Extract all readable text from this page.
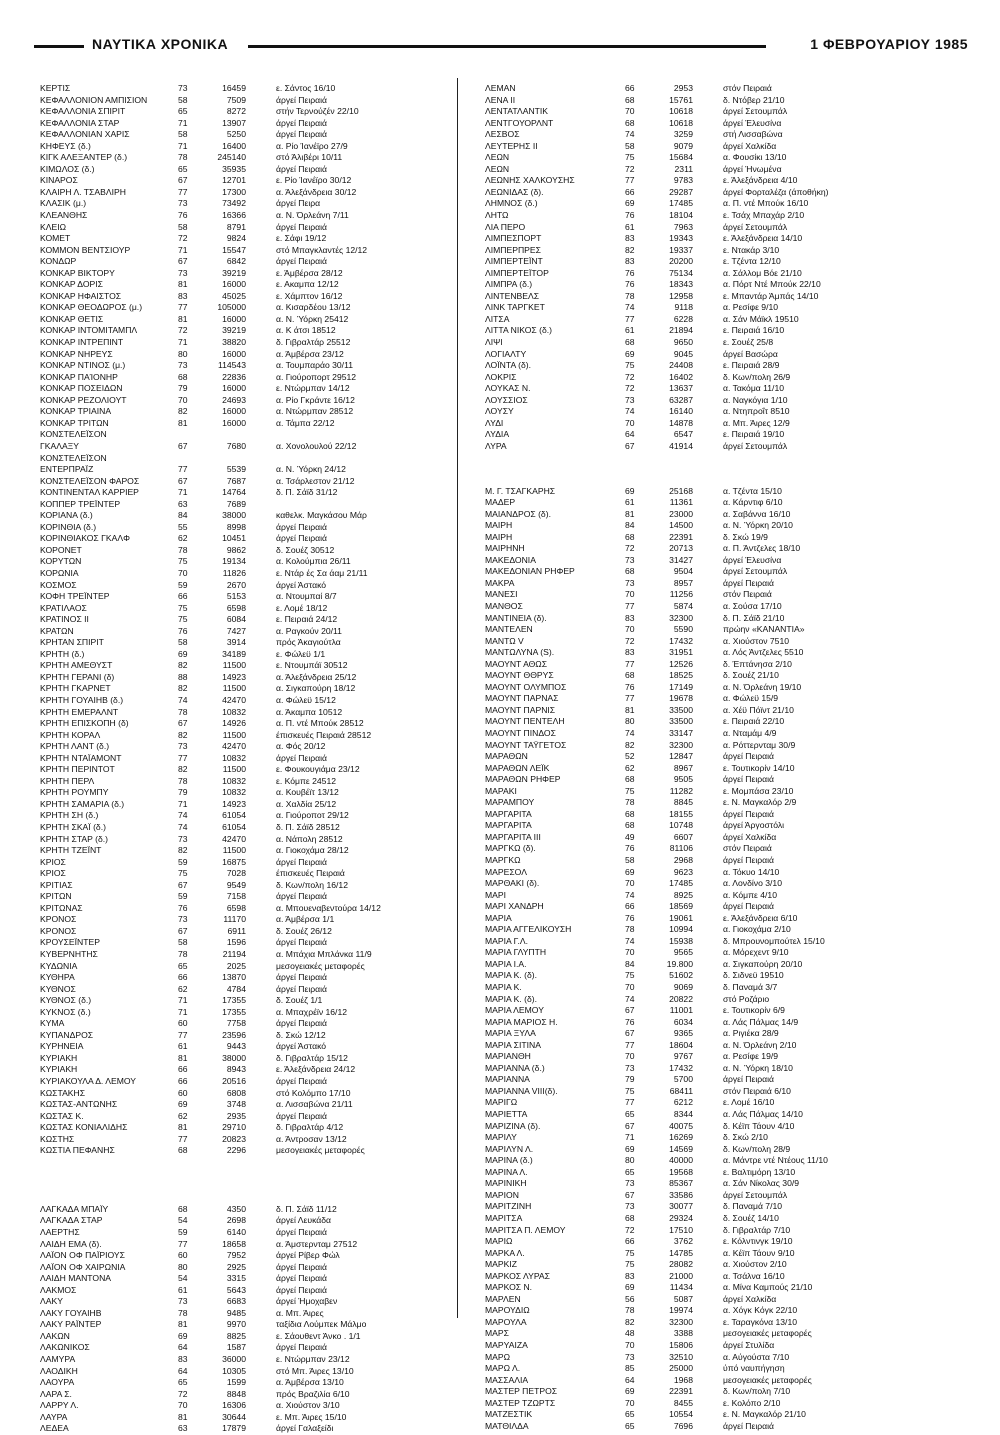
ΝΑΥΤΙΚΑ ΧΡΟΝΙΚΑ	1 ΦΕΒΡΟΥΑΡΙΟΥ 1985
ΚΕΡΤΙΣ	73	16459	ε. Σάντος 16/10
ΚΕΦΑΛΛΟΝΙΟΝ ΑΜΠΙΣΙΟΝ	58	7509	άργεί Πειραιά
ΚΕΦΑΛΛΟΝΙΑ ΣΠΙΡΙΤ	65	8272	στήν Τερνούζέν 22/10
ΚΕΦΑΛΛΟΝΙΑ ΣΤΑΡ	71	13907	άργεί Πειραιά
ΚΕΦΑΛΛΟΝΙΑΝ ΧΑΡΙΣ	58	5250	άργεί Πειραιά
ΚΗΦΕΥΣ (δ.)	71	16400	α. Ρίο Ίανέϊρο 27/9
ΚΙΓΚ ΑΛΕΞΑΝΤΕΡ (δ.)	78	245140	στό Άλιβέρι 10/11
ΚΙΜΩΛΟΣ (δ.)	65	35935	άργεί Πειραιά
ΚΙΝΑΡΟΣ	67	12701	ε. Ρίο Ίανέϊρο 30/12
ΚΛΑΙΡΗ Λ. ΤΣΑΒΛΙΡΗ	77	17300	α. Άλεξάνδρεια 30/12
ΚΛΑΣΙΚ (μ.)	73	73492	άργεί Πειρα
ΚΛΕΑΝΘΗΣ	76	16366	α. Ν. Όρλεάνη 7/11
ΚΛΕΙΩ	58	8791	άργεί Πειραιά
ΚΟΜΕΤ	72	9824	ε. Σάφι 19/12
ΚΟΜΜΟΝ ΒΕΝΤΣΙΟΥΡ	71	15547	στό Μπαγκλαντές 12/12
ΚΟΝΔΩΡ	67	6842	άργεί Πειραιά
ΚΟΝΚΑΡ ΒΙΚΤΟΡΥ	73	39219	ε. Άμβέρσα 28/12
ΚΟΝΚΑΡ ΔΟΡΙΣ	81	16000	ε. Ακαμπα 12/12
ΚΟΝΚΑΡ ΗΦΑΙΣΤΟΣ	83	45025	ε. Χάμπτον 16/12
ΚΟΝΚΑΡ ΘΕΟΔΩΡΟΣ (μ.)	77	105000	α. Κισαρδέου 13/12
ΚΟΝΚΑΡ ΘΕΤΙΣ	81	16000	α. Ν. Ύόρκη 25412
ΚΟΝΚΑΡ ΙΝΤΟΜΙΤΑΜΠΛ	72	39219	α. Κ άτσι 18512
ΚΟΝΚΑΡ ΙΝΤΡΕΠΙΝΤ	71	38820	δ. Γιβραλτάρ 25512
ΚΟΝΚΑΡ ΝΗΡΕΥΣ	80	16000	α. Άμβέρσα 23/12
ΚΟΝΚΑΡ ΝΤΙΝΟΣ (μ.)	73	114543	α. Τουμπαράο 30/11
ΚΟΝΚΑΡ ΠΑΊΟΝΗΡ	68	22836	α. Γιούροπορτ 29512
ΚΟΝΚΑΡ ΠΟΣΕΙΔΩΝ	79	16000	ε. Ντώρμπαν 14/12
ΚΟΝΚΑΡ ΡΕΖΟΛΙΟΥΤ	70	24693	α. Ρίο Γκράντε 16/12
ΚΟΝΚΑΡ ΤΡΙΑΙΝΑ	82	16000	α. Ντώρμπαν 28512
ΚΟΝΚΑΡ ΤΡΙΤΩΝ	81	16000	α. Τάμπα 22/12
ΚΟΝΣΤΕΛΕΪΣΟΝ
ΓΚΑΛΑΞΥ	67	7680	α. Χονολουλού 22/12
ΚΟΝΣΤΕΛΕΪΣΟΝ
ΕΝΤΕΡΠΡΑΪΖ	77	5539	α. Ν. Ύόρκη 24/12
ΚΟΝΣΤΕΛΕΪΣΟΝ ΦΑΡΟΣ	67	7687	α. Τσάρλεστον 21/12
ΚΟΝΤΙΝΕΝΤΑΛ ΚΑΡΡΙΕΡ	71	14764	δ. Π. Σάϊδ 31/12
ΚΟΠΠΕΡ ΤΡΕΪΝΤΕΡ	63	7689
ΚΟΡΙΑΝΑ (δ.)	84	38000	καθελκ. Μαγκάσου Μάρ
ΚΟΡΙΝΘΙΑ (δ.)	55	8998	άργεί Πειραιά
ΚΟΡΙΝΘΙΑΚΟΣ ΓΚΑΛΦ	62	10451	άργεί Πειραιά
ΚΟΡΟΝΕΤ	78	9862	δ. Σουέζ 30512
ΚΟΡΥΤΩΝ	75	19134	α. Κολούμπια 26/11
ΚΟΡΩΝΙΑ	70	11826	ε. Ντάρ ές Σα άαμ 21/11
ΚΟΣΜΟΣ	59	2670	άργεί Άστακό
ΚΟΦΗ ΤΡΕΪΝΤΕΡ	66	5153	α. Ντουμπαί 8/7
ΚΡΑΤΙΛΑΟΣ	75	6598	ε. Λομέ 18/12
ΚΡΑΤΙΝΟΣ ΙΙ	75	6084	ε. Πειραιά 24/12
ΚΡΑΤΩΝ	76	7427	α. Ραγκούν 20/11
ΚΡΗΤΑΝ ΣΠΙΡΙΤ	58	3914	πρός Άκαγιούτλα
ΚΡΗΤΗ (δ.)	69	34189	ε. Φώλεϋ 1/1
ΚΡΗΤΗ ΑΜΕΘΥΣΤ	82	11500	ε. Ντουμπάϊ 30512
ΚΡΗΤΗ ΓΕΡΑΝΙ (δ)	88	14923	α. Άλεξάνδρεια 25/12
ΚΡΗΤΗ ΓΚΑΡΝΕΤ	82	11500	α. Σιγκαπούρη 18/12
ΚΡΗΤΗ ΓΟΥΑΙΗΒ (δ.)	74	42470	α. Φώλεϋ 15/12
ΚΡΗΤΗ ΕΜΕΡΑΛΝΤ	78	10832	α. Άκαμπα 10512
ΚΡΗΤΗ ΕΠΙΣΚΟΠΗ (δ)	67	14926	α. Π. ντέ Μπούκ 28512
ΚΡΗΤΗ ΚΟΡΑΛ	82	11500	έπισκευές Πειραιά 28512
ΚΡΗΤΗ ΛΑΝΤ (δ.)	73	42470	α. Φός 20/12
ΚΡΗΤΗ ΝΤΑΪΑΜΟΝΤ	77	10832	άργεί Πειραιά
ΚΡΗΤΗ ΠΕΡΙΝΤΟΤ	82	11500	ε. Φουκουγιάμα 23/12
ΚΡΗΤΗ ΠΕΡΛ	78	10832	ε. Κόμπε 24512
ΚΡΗΤΗ ΡΟΥΜΠΥ	79	10832	α. Κουβέϊτ 13/12
ΚΡΗΤΗ ΣΑΜΑΡΙΑ (δ.)	71	14923	α. Χαλδία 25/12
ΚΡΗΤΗ ΣΗ (δ.)	74	61054	α. Γιούροποτ 29/12
ΚΡΗΤΗ ΣΚΑΪ (δ.)	74	61054	δ. Π. Σάϊδ 28512
ΚΡΗΤΗ ΣΤΑΡ (δ.)	73	42470	α. Νάπολη 28512
ΚΡΗΤΗ ΤΖΕΪΝΤ	82	11500	α. Γιοκοχάμα 28/12
ΚΡΙΟΣ	59	16875	άργεί Πειραιά
ΚΡΙΟΣ	75	7028	έπισκευές Πειραιά
ΚΡΙΤΙΑΣ	67	9549	δ. Κων/πολη 16/12
ΚΡΙΤΩΝ	59	7158	άργεί Πειραιά
ΚΡΙΤΩΝΑΣ	76	6598	α. Μπουεναβεντούρα 14/12
ΚΡΟΝΟΣ	73	11170	α. Άμβέρσα 1/1
ΚΡΟΝΟΣ	67	6911	δ. Σουέζ 26/12
ΚΡΟΥΣΕΪΝΤΕΡ	58	1596	άργεί Πειραιά
ΚΥΒΕΡΝΗΤΗΣ	78	21194	α. Μπάχια Μπλάνκα 11/9
ΚΥΔΩΝΙΑ	65	2025	μεσογειακές μεταφορές
ΚΥΘΗΡΑ	66	13870	άργεί Πειραιά
ΚΥΘΝΟΣ	62	4784	άργεί Πειραιά
ΚΥΘΝΟΣ (δ.)	71	17355	δ. Σουέζ 1/1
ΚΥΚΝΟΣ (δ.)	71	17355	α. Μπαχρέϊν 16/12
ΚΥΜΑ	60	7758	άργεί Πειραιά
ΚΥΠΑΝΔΡΟΣ	77	23596	δ. Σκώ 12/12
ΚΥΡΗΝΕΙΑ	61	9443	άργεί Άστακό
ΚΥΡΙΑΚΗ	81	38000	δ. Γιβραλτάρ 15/12
ΚΥΡΙΑΚΗ	66	8943	ε. Άλεξάνδρεια 24/12
ΚΥΡΙΑΚΟΥΛΑ Δ. ΛΕΜΟΥ	66	20516	άργεί Πειραιά
ΚΩΣΤΑΚΗΣ	60	6808	στό Κολόμπο 17/10
ΚΩΣΤΑΣ-ΑΝΤΩΝΗΣ	69	3748	α. Λισσαβώνα 21/11
ΚΩΣΤΑΣ Κ.	62	2935	άργεί Πειραιά
ΚΩΣΤΑΣ ΚΟΝΙΑΛΙΔΗΣ	81	29710	δ. Γιβραλτάρ 4/12
ΚΩΣΤΗΣ	77	20823	α. Άντροσαν 13/12
ΚΩΣΤΙΑ ΠΕΦΑΝΗΣ	68	2296	μεσογειακές μεταφορές
ΛΑΓΚΑΔΑ ΜΠΑΪΥ	68	4350	δ. Π. Σάϊδ 11/12
ΛΑΓΚΑΔΑ ΣΤΑΡ	54	2698	άργεί Λευκάδα
ΛΑΕΡΤΗΣ	59	6140	άργεί Πειραιά
ΛΑΙΔΗ ΕΜΑ (δ).	77	18658	α. Άμστερνταμ 27512
ΛΑΪΟΝ ΟΦ ΠΑΪΡΙΟΥΣ	60	7952	άργεί Ρίβερ Φώλ
ΛΑΪΟΝ ΟΦ ΧΑΙΡΩΝΙΑ	80	2925	άργεί Πειραιά
ΛΑΙΔΗ ΜΑΝΤΟΝΑ	54	3315	άργεί Πειραιά
ΛΑΚΜΟΣ	61	5643	άργεί Πειραιά
ΛΑΚΥ	73	6683	άργεί Ήμοχαβεν
ΛΑΚΥ ΓΟΥΑΙΗΒ	78	9485	α. Μπ. Άιρες
ΛΑΚΥ ΡΑΪΝΤΕΡ	81	9970	ταξίδια Λούμπεκ Μάλμο
ΛΑΚΩΝ	69	8825	ε. Σάουθεντ Άνκο . 1/1
ΛΑΚΩΝΙΚΟΣ	64	1587	άργεί Πειραιά
ΛΑΜΥΡΑ	83	36000	ε. Ντώρμπαν 23/12
ΛΑΟΔΙΚΗ	64	10305	στό Μπ. Άιρες 13/10
ΛΑΟΥΡΑ	65	1599	α. Άμβέρσα 13/10
ΛΑΡΑ Σ.	72	8848	πρός Βραζιλία 6/10
ΛΑΡΡΥ Λ.	70	16306	α. Χιούστον 3/10
ΛΑΥΡΑ	81	30644	ε. Μπ. Άιρες 15/10
ΛΕΔΕΑ	63	17879	άργεί Γαλαξείδι
ΛΕΜΑΝ	66	2953	στόν Πειραιά
ΛΕΝΑ ΙΙ	68	15761	δ. Ντόβερ 21/10
ΛΕΝΤΑΤΛΑΝΤΙΚ	70	10618	άργεί Σετουμπάλ
ΛΕΝΤΓΟΥΟΡΛΝΤ	68	10618	άργεί Έλευσίνα
ΛΕΣΒΟΣ	74	3259	στή Λισσαβώνα
ΛΕΥΤΕΡΗΣ ΙΙ	58	9079	άργεί Χαλκίδα
ΛΕΩΝ	75	15684	α. Φουσίκι 13/10
ΛΕΩΝ	72	2311	άργεί Ήνωμένα
ΛΕΩΝΗΣ ΧΑΛΚΟΥΣΗΣ	77	9783	ε. Άλεξάνδρεια 4/10
ΛΕΩΝΙΔΑΣ (δ).	66	29287	άργεί Φορταλέζα (άποθήκη)
ΛΗΜΝΟΣ (δ.)	69	17485	α. Π. ντέ Μπούκ 16/10
ΛΗΤΩ	76	18104	ε. Τσάχ Μπαχάρ 2/10
ΛΙΑ ΠΕΡΟ	61	7963	άργεί Σετουμπάλ
ΛΙΜΠΕΣΠΟΡΤ	83	19343	ε. Άλεξάνδρεια 14/10
ΛΙΜΠΕΡΠΡΕΣ	82	19337	ε. Ντακάρ 3/10
ΛΙΜΠΕΡΤΕΪΝΤ	83	20200	ε. Τζέντα 12/10
ΛΙΜΠΕΡΤΕΪΤΟΡ	76	75134	α. Σάλλομ Βόε 21/10
ΛΙΜΠΡΑ (δ.)	76	18343	α. Πόρτ Ντέ Μπούκ 22/10
ΛΙΝΤΕΝΒΕΛΣ	78	12958	ε. Μπαντάρ Άμπάς 14/10
ΛΙΝΚ ΤΑΡΓΚΕΤ	74	9118	α. Ρεσίφε 9/10
ΛΙΤΣΑ	77	6228	α. Σάν Μάϊκλ 19510
ΛΙΤΤΑ ΝΙΚΟΣ (δ.)	61	21894	ε. Πειραιά 16/10
ΛΙΨΙ	68	9650	ε. Σουέζ 25/8
ΛΟΓΙΑΛΤΥ	69	9045	άργεί Βασώρα
ΛΟΪΝΤΑ (δ).	75	24408	ε. Πειραιά 28/9
ΛΟΚΡΙΣ	72	16402	δ. Κων/πολη 26/9
ΛΟΥΚΑΣ Ν.	72	13637	α. Τακόμα 11/10
ΛΟΥΣΣΙΟΣ	73	63287	α. Ναγκόγια 1/10
ΛΟΥΣΥ	74	16140	α. Ντηπροΐτ 8510
ΛΥΔΙ	70	14878	α. Μπ. Άιρες 12/9
ΛΥΔΙΑ	64	6547	ε. Πειραιά 19/10
ΛΥΡΑ	67	41914	άργεί Σετουμπάλ
Μ. Γ. ΤΣΑΓΚΑΡΗΣ	69	25168	α. Τζέντα 15/10
ΜΑΔΕΡ	61	11361	α. Κάρντιφ 6/10
ΜΑΙΑΝΔΡΟΣ (δ).	81	23000	α. Σαβάννα 16/10
ΜΑΙΡΗ	84	14500	α. Ν. Ύόρκη 20/10
ΜΑΙΡΗ	68	22391	δ. Σκώ 19/9
ΜΑΙΡΗΝΗ	72	20713	α. Π. Άντζελες 18/10
ΜΑΚΕΔΟΝΙΑ	73	31427	άργεί Έλευσίνα
ΜΑΚΕΔΟΝΙΑΝ ΡΗΦΕΡ	68	9504	άργεί Σετουμπάλ
ΜΑΚΡΑ	73	8957	άργεί Πειραιά
ΜΑΝΕΣΙ	70	11256	στόν Πειραιά
ΜΑΝΘΟΣ	77	5874	α. Σούσα 17/10
ΜΑΝΤΙΝΕΙΑ (δ).	83	32300	δ. Π. Σάϊδ 21/10
ΜΑΝΤΕΛΕΝ	70	5590	πρώην «ΚΑΝΑΝΤΙΑ»
ΜΑΝΤΩ V	72	17432	α. Χιούστον 7510
ΜΑΝΤΩΛΥΝΑ (S).	83	31951	α. Λός Άντζελες 5510
ΜΑΟΥΝΤ ΑΘΩΣ	77	12526	δ. Έπτάνησα 2/10
ΜΑΟΥΝΤ ΘΘΡΥΣ	68	18525	δ. Σουέζ 21/10
ΜΑΟΥΝΤ ΟΛΥΜΠΟΣ	76	17149	α. Ν. Όρλεάνη 19/10
ΜΑΟΥΝΤ ΠΑΡΝΑΣ	77	19678	α. Φώλεϋ 15/9
ΜΑΟΥΝΤ ΠΑΡΝΙΣ	81	33500	α. Χέϋ Πόϊντ 21/10
ΜΑΟΥΝΤ ΠΕΝΤΕΛΗ	80	33500	ε. Πειραιά 22/10
ΜΑΟΥΝΤ ΠΙΝΔΟΣ	74	33147	α. Νταμάμ 4/9
ΜΑΟΥΝΤ ΤΑΫΓΕΤΟΣ	82	32300	α. Ρόττερνταμ 30/9
ΜΑΡΑΘΩΝ	52	12847	άργεί Πειραιά
ΜΑΡΑΘΩΝ ΛΕΪΚ	62	8967	ε. Τουτικορίν 14/10
ΜΑΡΑΘΩΝ ΡΗΦΕΡ	68	9505	άργεί Πειραιά
ΜΑΡΑΚΙ	75	11282	ε. Μομπάσα 23/10
ΜΑΡΑΜΠΟΥ	78	8845	ε. Ν. Μαγκαλόρ 2/9
ΜΑΡΓΑΡΙΤΑ	68	18155	άργεί Πειραιά
ΜΑΡΓΑΡΙΤΑ	68	10748	άργεί Άργοστόλι
ΜΑΡΓΑΡΙΤΑ ΙΙΙ	49	6607	άργεί Χαλκίδα
ΜΑΡΓΚΩ (δ).	76	81106	στόν Πειραιά
ΜΑΡΓΚΩ	58	2968	άργεί Πειραιά
ΜΑΡΕΣΟΛ	69	9623	α. Τόκυο 14/10
ΜΑΡΘΑΚΙ (δ).	70	17485	α. Λονδίνο 3/10
ΜΑΡΙ	74	8925	α. Κόμπε 4/10
ΜΑΡΙ ΧΑΝΔΡΗ	66	18569	άργεί Πειραιά
ΜΑΡΙΑ	76	19061	ε. Άλεξάνδρεια 6/10
ΜΑΡΙΑ ΑΓΓΕΛΙΚΟΥΣΗ	78	10994	α. Γιοκοχάμα 2/10
ΜΑΡΙΑ Γ.Λ.	74	15938	δ. Μπρουνομπούτελ 15/10
ΜΑΡΙΑ ΓΛΥΠΤΗ	70	9565	α. Μόρεχεντ 9/10
ΜΑΡΙΑ Ι.Α.	84	19.800	α. Σιγκαπούρη 20/10
ΜΑΡΙΑ Κ. (δ).	75	51602	δ. Σιδνεϋ 19510
ΜΑΡΙΑ Κ.	70	9069	δ. Παναμά 3/7
ΜΑΡΙΑ Κ. (δ).	74	20822	στό Ροζάριο
ΜΑΡΙΑ ΛΕΜΟΥ	67	11001	ε. Τουτικορίν 6/9
ΜΑΡΙΑ ΜΑΡΙΟΣ Η.	76	6034	α. Λάς Πάλμας 14/9
ΜΑΡΙΑ ΞΥΛΑ	67	9365	α. Ριγιέκα 28/9
ΜΑΡΙΑ ΣΙΤΙΝΑ	77	18604	α. Ν. Όρλεάνη 2/10
ΜΑΡΙΑΝΘΗ	70	9767	α. Ρεσίφε 19/9
ΜΑΡΙΑΝΝΑ (δ.)	73	17432	α. Ν. Ύόρκη 18/10
ΜΑΡΙΑΝΝΑ	79	5700	άργεί Πειραιά
ΜΑΡΙΑΝΝΑ VIII(δ).	75	68411	στόν Πειραιά 6/10
ΜΑΡΙΓΩ	77	6212	ε. Λομέ 16/10
ΜΑΡΙΕΤΤΑ	65	8344	α. Λάς Πάλμας 14/10
ΜΑΡΙΖΙΝΑ (δ).	67	40075	δ. Κέϊπ Τάουν 4/10
ΜΑΡΙΛΥ	71	16269	δ. Σκώ 2/10
ΜΑΡΙΛΥΝ Λ.	69	14569	δ. Κων/πολη 28/9
ΜΑΡΙΝΑ (δ.)	80	40000	α. Μάντρε ντέ Ντέους 11/10
ΜΑΡΙΝΑ Λ.	65	19568	ε. Βαλτιμόρη 13/10
ΜΑΡΙΝΙΚΗ	73	85367	α. Σάν Νίκολας 30/9
ΜΑΡΙΟΝ	67	33586	άργεί Σετουμπάλ
ΜΑΡΙΤΖΙΝΗ	73	30077	δ. Παναμά 7/10
ΜΑΡΙΤΣΑ	68	29324	δ. Σουέζ 14/10
ΜΑΡΙΤΣΑ Π. ΛΕΜΟΥ	72	17510	δ. Γιβραλτάρ 7/10
ΜΑΡΙΩ	66	3762	ε. Κόλντινγκ 19/10
ΜΑΡΚΑ Λ.	75	14785	α. Κέϊπ Τάουν 9/10
ΜΑΡΚΙΖ	75	28082	α. Χιούστον 2/10
ΜΑΡΚΟΣ ΛΥΡΑΣ	83	21000	α. Τσάλνα 16/10
ΜΑΡΚΟΣ Ν.	69	11434	α. Μίνα Καμπούς 21/10
ΜΑΡΛΕΝ	56	5087	άργεί Χαλκίδα
ΜΑΡΟΥΔΙΩ	78	19974	α. Χόγκ Κόγκ 22/10
ΜΑΡΟΥΛΑ	82	32300	ε. Ταραγκόνα 13/10
ΜΑΡΣ	48	3388	μεσογειακές μεταφορές
ΜΑΡΥΑΙΖΑ	70	15806	άργεί Στυλίδα
ΜΑΡΩ	73	32510	α. Αύγούστα 7/10
ΜΑΡΩ Λ.	85	25000	ύπό ναυπήγηση
ΜΑΣΣΑΛΙΑ	64	1968	μεσογειακές μεταφορές
ΜΑΣΤΕΡ ΠΕΤΡΟΣ	69	22391	δ. Κων/πολη 7/10
ΜΑΣΤΕΡ ΤΖΩΡΤΣ	70	8455	ε. Κολόπο 2/10
ΜΑΤΖΕΣΤΙΚ	65	10554	ε. Ν. Μαγκαλόρ 21/10
ΜΑΤΘΙΛΔΑ	65	7696	άργεί Πειραιά
